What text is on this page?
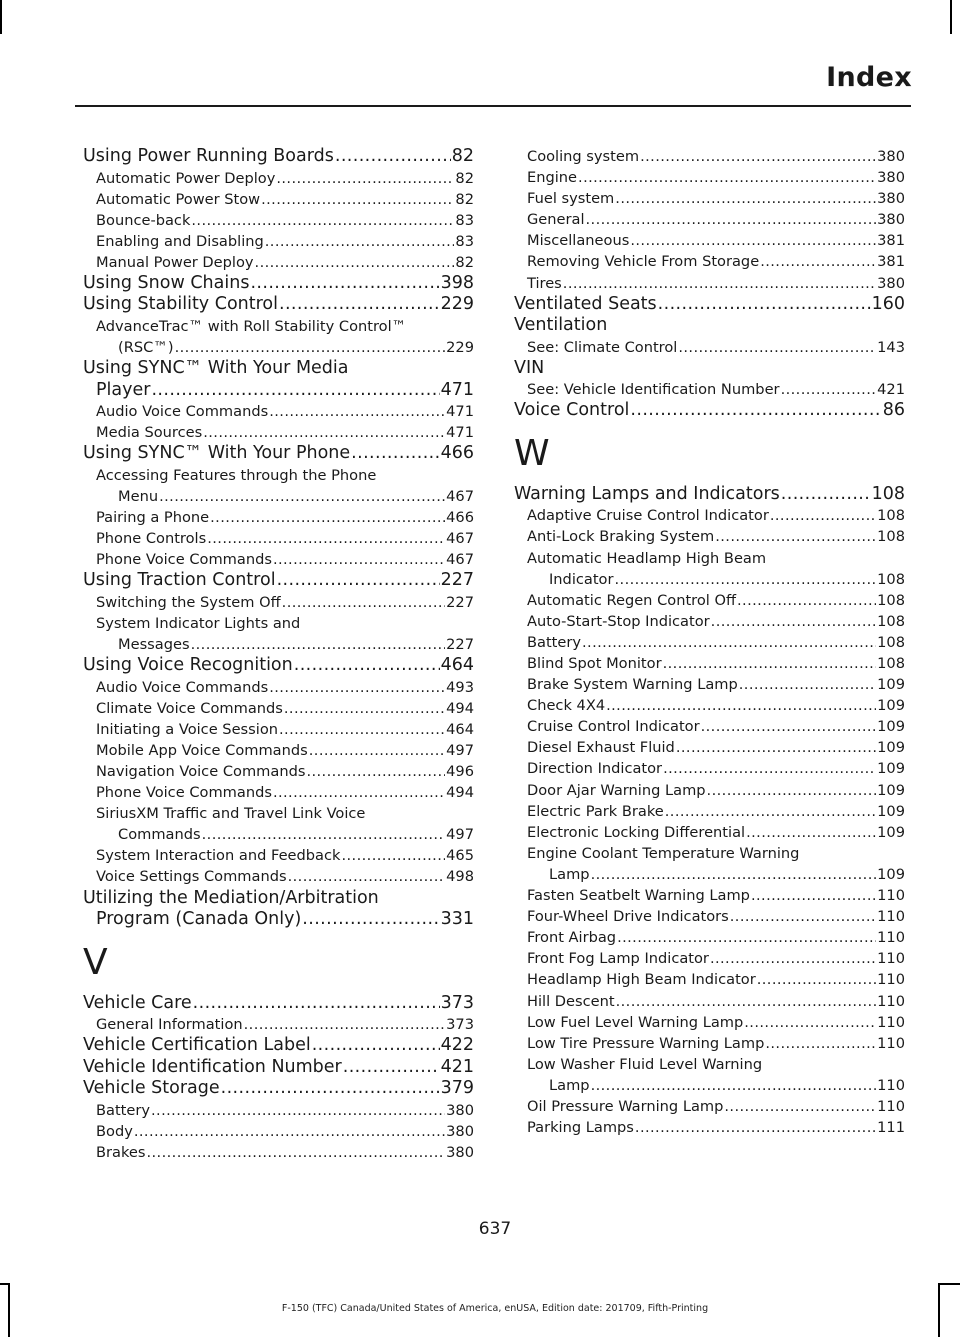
Index
Using Power Running Boards .....	82
Automatic Power Deploy .....	82
Automatic Power Stow .....	82
Bounce-back .....	83
Enabling and Disabling .....	83
Manual Power Deploy .....	82
Using Snow Chains .....	398
Using Stability Control .....	229
AdvanceTrac™ with Roll Stability Control™
(RSC™) .....	229
Using SYNC™ With Your Media
Player .....	471
Audio Voice Commands .....	471
Media Sources .....	471
Using SYNC™ With Your Phone .....	466
Accessing Features through the Phone
Menu .....	467
Pairing a Phone .....	466
Phone Controls .....	467
Phone Voice Commands .....	467
Using Traction Control .....	227
Switching the System Off .....	227
System Indicator Lights and
Messages .....	227
Using Voice Recognition .....	464
Audio Voice Commands .....	493
Climate Voice Commands .....	494
Initiating a Voice Session .....	464
Mobile App Voice Commands .....	497
Navigation Voice Commands .....	496
Phone Voice Commands .....	494
SiriusXM Traffic and Travel Link Voice
Commands .....	497
System Interaction and Feedback .....	465
Voice Settings Commands .....	498
Utilizing the Mediation/Arbitration
Program (Canada Only) .....	331
V
Vehicle Care .....	373
General Information .....	373
Vehicle Certification Label .....	422
Vehicle Identification Number .....	421
Vehicle Storage .....	379
Battery .....	380
Body .....	380
Brakes .....	380
Cooling system .....	380
Engine .....	380
Fuel system .....	380
General .....	380
Miscellaneous .....	381
Removing Vehicle From Storage .....	381
Tires .....	380
Ventilated Seats .....	160
Ventilation
See: Climate Control .....	143
VIN
See: Vehicle Identification Number .....	421
Voice Control .....	86
W
Warning Lamps and Indicators .....	108
Adaptive Cruise Control Indicator .....	108
Anti-Lock Braking System .....	108
Automatic Headlamp High Beam
Indicator .....	108
Automatic Regen Control Off .....	108
Auto-Start-Stop Indicator .....	108
Battery .....	108
Blind Spot Monitor .....	108
Brake System Warning Lamp .....	109
Check 4X4 .....	109
Cruise Control Indicator .....	109
Diesel Exhaust Fluid .....	109
Direction Indicator .....	109
Door Ajar Warning Lamp .....	109
Electric Park Brake .....	109
Electronic Locking Differential .....	109
Engine Coolant Temperature Warning
Lamp .....	109
Fasten Seatbelt Warning Lamp .....	110
Four-Wheel Drive Indicators .....	110
Front Airbag .....	110
Front Fog Lamp Indicator .....	110
Headlamp High Beam Indicator .....	110
Hill Descent .....	110
Low Fuel Level Warning Lamp .....	110
Low Tire Pressure Warning Lamp .....	110
Low Washer Fluid Level Warning
Lamp .....	110
Oil Pressure Warning Lamp .....	110
Parking Lamps .....	111
637
F-150 (TFC) Canada/United States of America, enUSA, Edition date: 201709, Fifth-Printing
